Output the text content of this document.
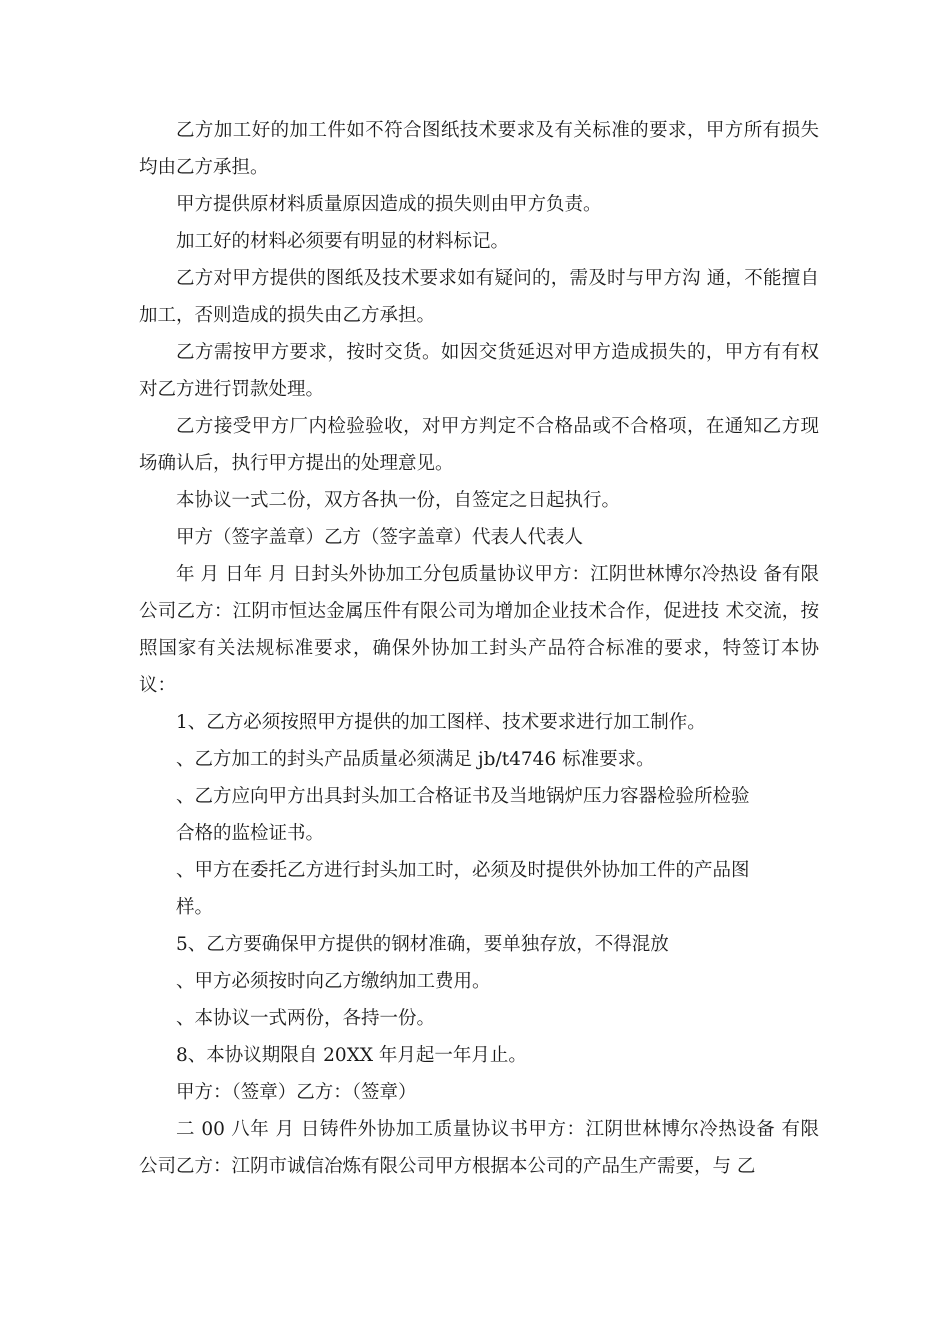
乙方加工好的加工件如不符合图纸技术要求及有关标准的要求，甲方所有损失均由乙方承担。

甲方提供原材料质量原因造成的损失则由甲方负责。

加工好的材料必须要有明显的材料标记。

乙方对甲方提供的图纸及技术要求如有疑问的，需及时与甲方沟 通，不能擅自加工，否则造成的损失由乙方承担。

乙方需按甲方要求，按时交货。如因交货延迟对甲方造成损失的，甲方有有权对乙方进行罚款处理。

乙方接受甲方厂内检验验收，对甲方判定不合格品或不合格项，在通知乙方现场确认后，执行甲方提出的处理意见。

本协议一式二份，双方各执一份，自签定之日起执行。

甲方（签字盖章）乙方（签字盖章）代表人代表人

年 月 日年 月 日封头外协加工分包质量协议甲方：江阴世林博尔冷热设 备有限公司乙方：江阴市恒达金属压件有限公司为增加企业技术合作，促进技 术交流，按照国家有关法规标准要求，确保外协加工封头产品符合标准的要求，特签订本协议：

1、乙方必须按照甲方提供的加工图样、技术要求进行加工制作。

、乙方加工的封头产品质量必须满足 jb/t4746 标准要求。

、乙方应向甲方出具封头加工合格证书及当地锅炉压力容器检验所检验

合格的监检证书。

、甲方在委托乙方进行封头加工时，必须及时提供外协加工件的产品图

样。

5、乙方要确保甲方提供的钢材准确，要单独存放，不得混放

、甲方必须按时向乙方缴纳加工费用。

、本协议一式两份，各持一份。

8、本协议期限自 20XX 年月起一年月止。

甲方：（签章）乙方：（签章）

二 00 八年 月 日铸件外协加工质量协议书甲方：江阴世林博尔冷热设备 有限公司乙方：江阴市诚信冶炼有限公司甲方根据本公司的产品生产需要，与 乙
